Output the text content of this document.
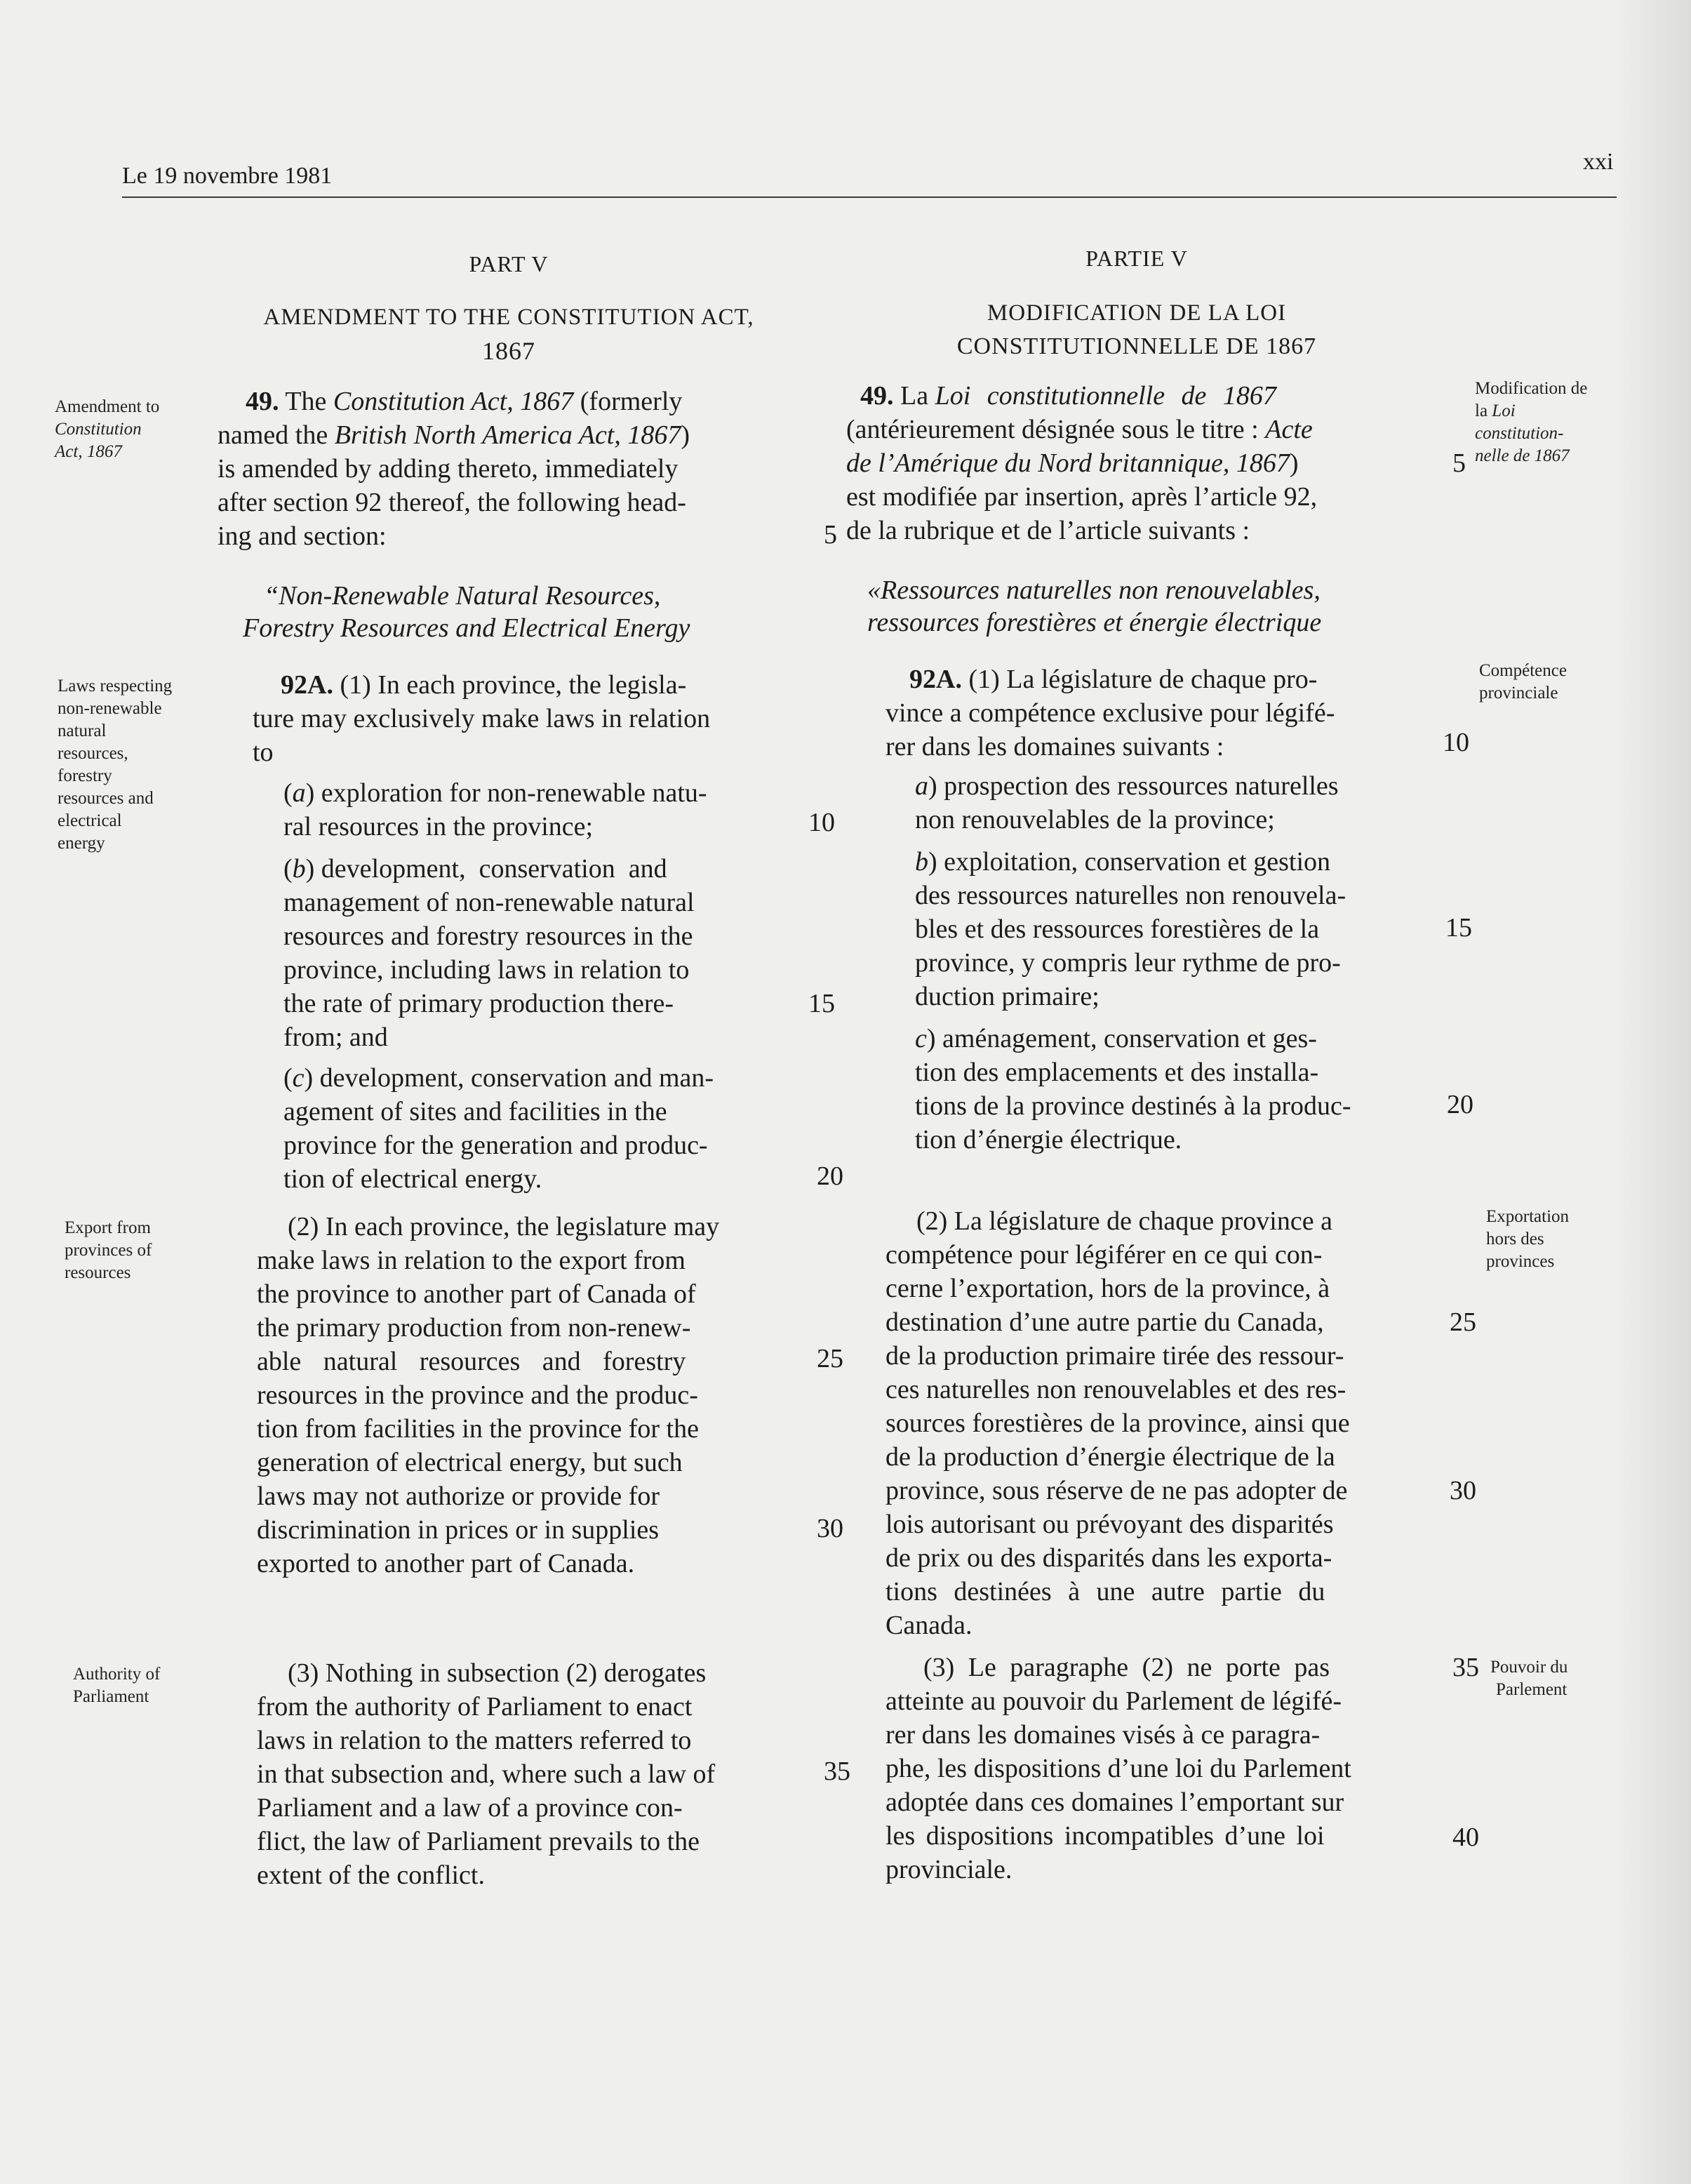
Le 19 novembre 1981
xxi
PART V
AMENDMENT TO THE CONSTITUTION ACT,
1867
PARTIE V
MODIFICATION DE LA LOI
CONSTITUTIONNELLE DE 1867
Amendment to
Constitution
Act, 1867
Laws respecting
non-renewable
natural
resources,
forestry
resources and
electrical
energy
Export from
provinces of
resources
Authority of
Parliament
49. The Constitution Act, 1867 (formerly
named the British North America Act, 1867)
is amended by adding thereto, immediately
after section 92 thereof, the following head-
ing and section:
“Non-Renewable Natural Resources,
Forestry Resources and Electrical Energy
92A. (1) In each province, the legisla-
ture may exclusively make laws in relation
to
(a) exploration for non-renewable natu-
ral resources in the province;
(b) development,  conservation  and
management of non-renewable natural
resources and forestry resources in the
province, including laws in relation to
the rate of primary production there-
from; and
(c) development, conservation and man-
agement of sites and facilities in the
province for the generation and produc-
tion of electrical energy.
(2) In each province, the legislature may
make laws in relation to the export from
the province to another part of Canada of
the primary production from non-renew-
able natural resources and forestry
resources in the province and the produc-
tion from facilities in the province for the
generation of electrical energy, but such
laws may not authorize or provide for
discrimination in prices or in supplies
exported to another part of Canada.
(3) Nothing in subsection (2) derogates
from the authority of Parliament to enact
laws in relation to the matters referred to
in that subsection and, where such a law of
Parliament and a law of a province con-
flict, the law of Parliament prevails to the
extent of the conflict.
10
15
20
25
30
35
Modification de
la Loi
constitution-
nelle de 1867
Compétence
provinciale
Exportation
hors des
provinces
Pouvoir du
Parlement
49. La Loi constitutionnelle de 1867
(antérieurement désignée sous le titre : Acte
de l’Amérique du Nord britannique, 1867)
est modifiée par insertion, après l’article 92,
de la rubrique et de l’article suivants :
«Ressources naturelles non renouvelables,
ressources forestières et énergie électrique
92A. (1) La législature de chaque pro-
vince a compétence exclusive pour légifé-
rer dans les domaines suivants :
a) prospection des ressources naturelles
non renouvelables de la province;
b) exploitation, conservation et gestion
des ressources naturelles non renouvela-
bles et des ressources forestières de la
province, y compris leur rythme de pro-
duction primaire;
c) aménagement, conservation et ges-
tion des emplacements et des installa-
tions de la province destinés à la produc-
tion d’énergie électrique.
(2) La législature de chaque province a
compétence pour légiférer en ce qui con-
cerne l’exportation, hors de la province, à
destination d’une autre partie du Canada,
de la production primaire tirée des ressour-
ces naturelles non renouvelables et des res-
sources forestières de la province, ainsi que
de la production d’énergie électrique de la
province, sous réserve de ne pas adopter de
lois autorisant ou prévoyant des disparités
de prix ou des disparités dans les exporta-
tions destinées à une autre partie du
Canada.
(3) Le paragraphe (2) ne porte pas
atteinte au pouvoir du Parlement de légifé-
rer dans les domaines visés à ce paragra-
phe, les dispositions d’une loi du Parlement
adoptée dans ces domaines l’emportant sur
les dispositions incompatibles d’une loi
provinciale.
5
5
10
15
20
25
30
35
40
